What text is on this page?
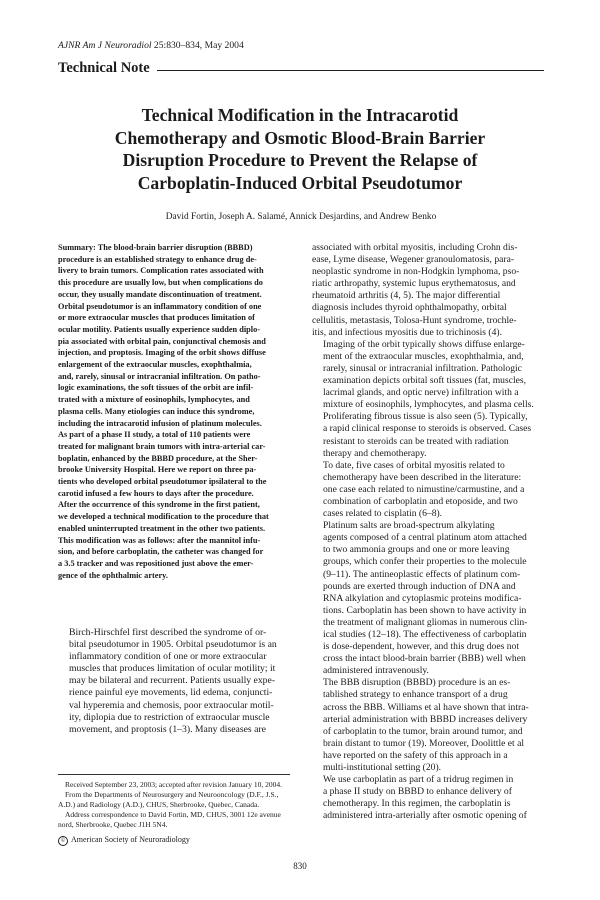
AJNR Am J Neuroradiol 25:830–834, May 2004
Technical Note
Technical Modification in the Intracarotid
Chemotherapy and Osmotic Blood-Brain Barrier
Disruption Procedure to Prevent the Relapse of
Carboplatin-Induced Orbital Pseudotumor
David Fortin, Joseph A. Salamé, Annick Desjardins, and Andrew Benko
Summary: The blood-brain barrier disruption (BBBD)
procedure is an established strategy to enhance drug de-
livery to brain tumors. Complication rates associated with
this procedure are usually low, but when complications do
occur, they usually mandate discontinuation of treatment.
Orbital pseudotumor is an inflammatory condition of one
or more extraocular muscles that produces limitation of
ocular motility. Patients usually experience sudden diplo-
pia associated with orbital pain, conjunctival chemosis and
injection, and proptosis. Imaging of the orbit shows diffuse
enlargement of the extraocular muscles, exophthalmia,
and, rarely, sinusal or intracranial infiltration. On patho-
logic examinations, the soft tissues of the orbit are infil-
trated with a mixture of eosinophils, lymphocytes, and
plasma cells. Many etiologies can induce this syndrome,
including the intracarotid infusion of platinum molecules.
As part of a phase II study, a total of 110 patients were
treated for malignant brain tumors with intra-arterial car-
boplatin, enhanced by the BBBD procedure, at the Sher-
brooke University Hospital. Here we report on three pa-
tients who developed orbital pseudotumor ipsilateral to the
carotid infused a few hours to days after the procedure.
After the occurrence of this syndrome in the first patient,
we developed a technical modification to the procedure that
enabled uninterrupted treatment in the other two patients.
This modification was as follows: after the mannitol infu-
sion, and before carboplatin, the catheter was changed for
a 3.5 tracker and was repositioned just above the emer-
gence of the ophthalmic artery.

Birch-Hirschfel first described the syndrome of or-
bital pseudotumor in 1905. Orbital pseudotumor is an
inflammatory condition of one or more extraocular
muscles that produces limitation of ocular motility; it
may be bilateral and recurrent. Patients usually expe-
rience painful eye movements, lid edema, conjuncti-
val hyperemia and chemosis, poor extraocular motil-
ity, diplopia due to restriction of extraocular muscle
movement, and proptosis (1–3). Many diseases are

associated with orbital myositis, including Crohn dis-
ease, Lyme disease, Wegener granoulomatosis, para-
neoplastic syndrome in non-Hodgkin lymphoma, pso-
riatic arthropathy, systemic lupus erythematosus, and
rheumatoid arthritis (4, 5). The major differential
diagnosis includes thyroid ophthalmopathy, orbital
cellulitis, metastasis, Tolosa-Hunt syndrome, trochle-
itis, and infectious myositis due to trichinosis (4).

Imaging of the orbit typically shows diffuse enlarge-
ment of the extraocular muscles, exophthalmia, and,
rarely, sinusal or intracranial infiltration. Pathologic
examination depicts orbital soft tissues (fat, muscles,
lacrimal glands, and optic nerve) infiltration with a
mixture of eosinophils, lymphocytes, and plasma cells.
Proliferating fibrous tissue is also seen (5). Typically,
a rapid clinical response to steroids is observed. Cases
resistant to steroids can be treated with radiation
therapy and chemotherapy.

To date, five cases of orbital myositis related to
chemotherapy have been described in the literature:
one case each related to nimustine/carmustine, and a
combination of carboplatin and etoposide, and two
cases related to cisplatin (6–8).

Platinum salts are broad-spectrum alkylating
agents composed of a central platinum atom attached
to two ammonia groups and one or more leaving
groups, which confer their properties to the molecule
(9–11). The antineoplastic effects of platinum com-
pounds are exerted through induction of DNA and
RNA alkylation and cytoplasmic proteins modifica-
tions. Carboplatin has been shown to have activity in
the treatment of malignant gliomas in numerous clin-
ical studies (12–18). The effectiveness of carboplatin
is dose-dependent, however, and this drug does not
cross the intact blood-brain barrier (BBB) well when
administered intravenously.

The BBB disruption (BBBD) procedure is an es-
tablished strategy to enhance transport of a drug
across the BBB. Williams et al have shown that intra-
arterial administration with BBBD increases delivery
of carboplatin to the tumor, brain around tumor, and
brain distant to tumor (19). Moreover, Doolittle et al
have reported on the safety of this approach in a
multi-institutional setting (20).

We use carboplatin as part of a tridrug regimen in
a phase II study on BBBD to enhance delivery of
chemotherapy. In this regimen, the carboplatin is
administered intra-arterially after osmotic opening of

Received September 23, 2003; accepted after revision January 10, 2004.

From the Departments of Neurosurgery and Neurooncology (D.F., J.S., A.D.) and Radiology (A.D.), CHUS, Sherbrooke, Quebec, Canada.

Address correspondence to David Fortin, MD, CHUS, 3001 12e avenue nord, Sherbrooke, Quebec J1H 5N4.

© American Society of Neuroradiology
830
